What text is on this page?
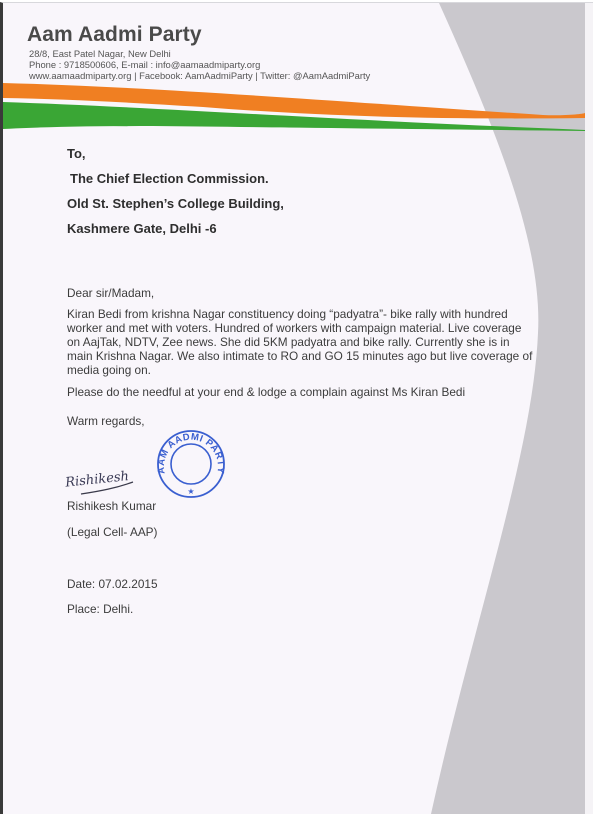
Aam Aadmi Party
28/8, East Patel Nagar, New Delhi
Phone : 9718500606, E-mail : info@aamaadmiparty.org
www.aamaadmiparty.org | Facebook: AamAadmiParty | Twitter: @AamAadmiParty
To,
The Chief Election Commission.
Old St. Stephen’s College Building,
Kashmere Gate, Delhi -6
Dear sir/Madam,
Kiran Bedi from krishna Nagar constituency doing “padyatra”- bike rally with hundred worker and met with voters. Hundred of workers with campaign material. Live coverage on AajTak, NDTV, Zee news. She did 5KM padyatra and bike rally. Currently she is in main Krishna Nagar. We also intimate to RO and GO 15 minutes ago but live coverage of media going on.
Please do the needful at your end & lodge a complain against Ms Kiran Bedi
Warm regards,
Rishikesh	AAM AADMI PARTY
★
Rishikesh Kumar
(Legal Cell- AAP)
Date: 07.02.2015
Place: Delhi.
